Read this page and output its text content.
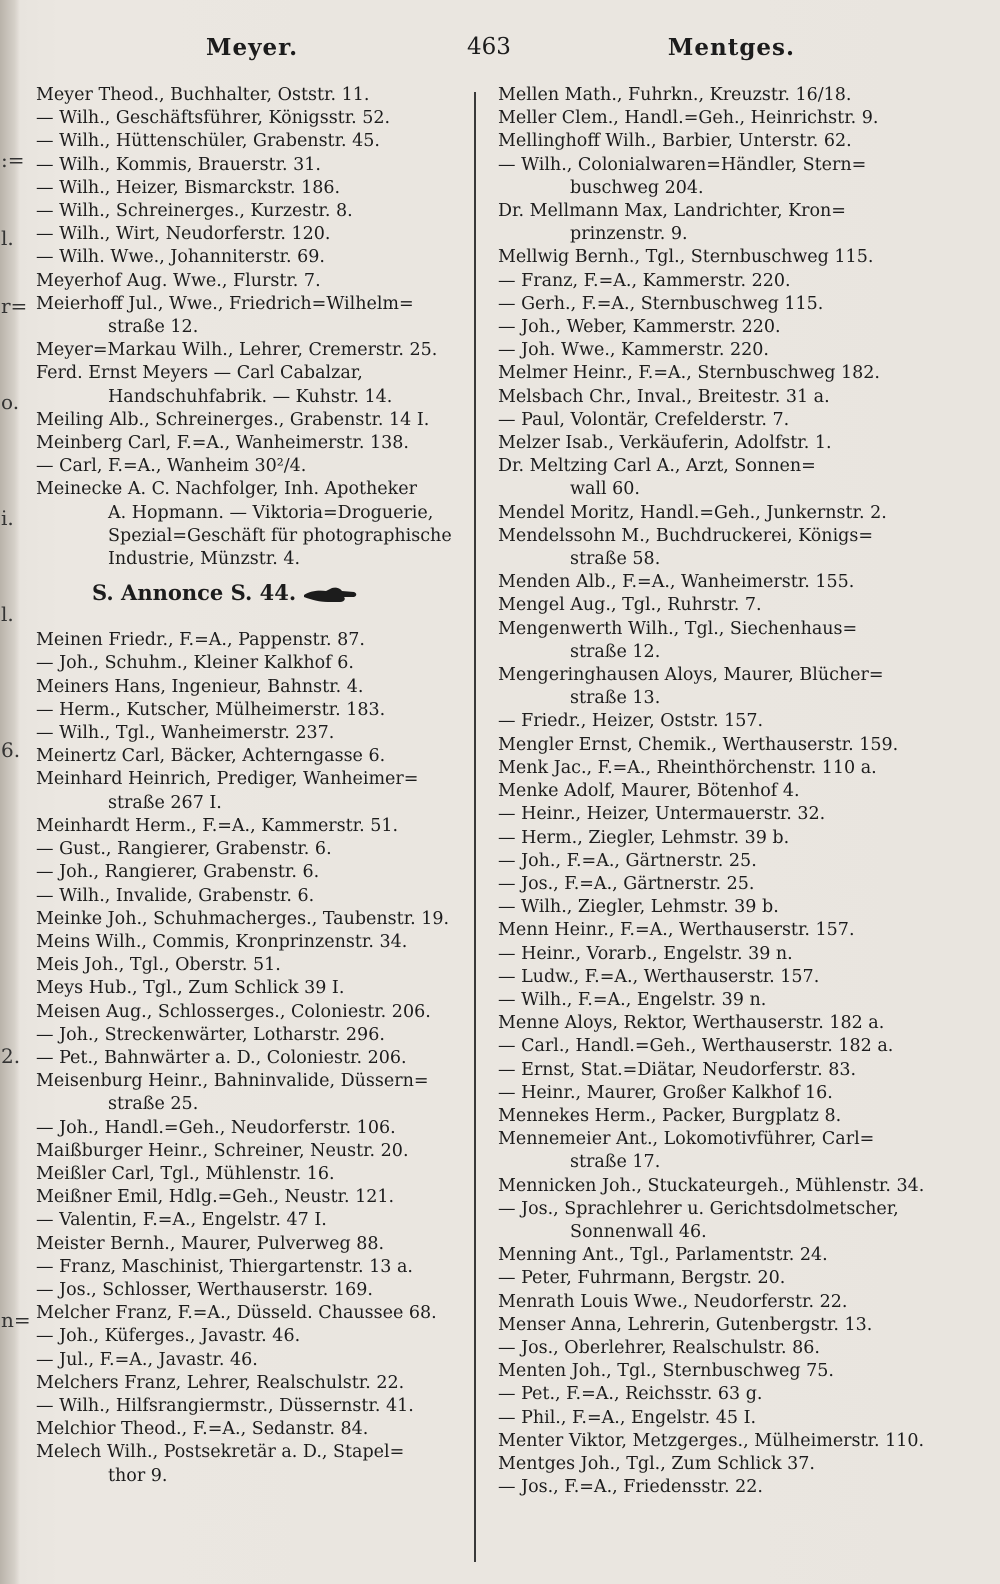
:=
l.
r=
o.
i.
l.
6.
2.
n=
Meyer.	463	Mentges.
Meyer Theod., Buchhalter, Oststr. 11.
— Wilh., Geschäftsführer, Königsstr. 52.
— Wilh., Hüttenschüler, Grabenstr. 45.
— Wilh., Kommis, Brauerstr. 31.
— Wilh., Heizer, Bismarckstr. 186.
— Wilh., Schreinerges., Kurzestr. 8.
— Wilh., Wirt, Neudorferstr. 120.
— Wilh. Wwe., Johanniterstr. 69.
Meyerhof Aug. Wwe., Flurstr. 7.
Meierhoff Jul., Wwe., Friedrich=Wilhelm=
straße 12.
Meyer=Markau Wilh., Lehrer, Cremerstr. 25.
Ferd. Ernst Meyers — Carl Cabalzar,
Handschuhfabrik. — Kuhstr. 14.
Meiling Alb., Schreinerges., Grabenstr. 14 I.
Meinberg Carl, F.=A., Wanheimerstr. 138.
— Carl, F.=A., Wanheim 30²/4.
Meinecke A. C. Nachfolger, Inh. Apotheker
A. Hopmann. — Viktoria=Droguerie,
Spezial=Geschäft für photographische
Industrie, Münzstr. 4.
S. Annonce S. 44.
Meinen Friedr., F.=A., Pappenstr. 87.
— Joh., Schuhm., Kleiner Kalkhof 6.
Meiners Hans, Ingenieur, Bahnstr. 4.
— Herm., Kutscher, Mülheimerstr. 183.
— Wilh., Tgl., Wanheimerstr. 237.
Meinertz Carl, Bäcker, Achterngasse 6.
Meinhard Heinrich, Prediger, Wanheimer=
straße 267 I.
Meinhardt Herm., F.=A., Kammerstr. 51.
— Gust., Rangierer, Grabenstr. 6.
— Joh., Rangierer, Grabenstr. 6.
— Wilh., Invalide, Grabenstr. 6.
Meinke Joh., Schuhmacherges., Taubenstr. 19.
Meins Wilh., Commis, Kronprinzenstr. 34.
Meis Joh., Tgl., Oberstr. 51.
Meys Hub., Tgl., Zum Schlick 39 I.
Meisen Aug., Schlosserges., Coloniestr. 206.
— Joh., Streckenwärter, Lotharstr. 296.
— Pet., Bahnwärter a. D., Coloniestr. 206.
Meisenburg Heinr., Bahninvalide, Düssern=
straße 25.
— Joh., Handl.=Geh., Neudorferstr. 106.
Maißburger Heinr., Schreiner, Neustr. 20.
Meißler Carl, Tgl., Mühlenstr. 16.
Meißner Emil, Hdlg.=Geh., Neustr. 121.
— Valentin, F.=A., Engelstr. 47 I.
Meister Bernh., Maurer, Pulverweg 88.
— Franz, Maschinist, Thiergartenstr. 13 a.
— Jos., Schlosser, Werthauserstr. 169.
Melcher Franz, F.=A., Düsseld. Chaussee 68.
— Joh., Küferges., Javastr. 46.
— Jul., F.=A., Javastr. 46.
Melchers Franz, Lehrer, Realschulstr. 22.
— Wilh., Hilfsrangiermstr., Düssernstr. 41.
Melchior Theod., F.=A., Sedanstr. 84.
Melech Wilh., Postsekretär a. D., Stapel=
thor 9.
Mellen Math., Fuhrkn., Kreuzstr. 16/18.
Meller Clem., Handl.=Geh., Heinrichstr. 9.
Mellinghoff Wilh., Barbier, Unterstr. 62.
— Wilh., Colonialwaren=Händler, Stern=
buschweg 204.
Dr. Mellmann Max, Landrichter, Kron=
prinzenstr. 9.
Mellwig Bernh., Tgl., Sternbuschweg 115.
— Franz, F.=A., Kammerstr. 220.
— Gerh., F.=A., Sternbuschweg 115.
— Joh., Weber, Kammerstr. 220.
— Joh. Wwe., Kammerstr. 220.
Melmer Heinr., F.=A., Sternbuschweg 182.
Melsbach Chr., Inval., Breitestr. 31 a.
— Paul, Volontär, Crefelderstr. 7.
Melzer Isab., Verkäuferin, Adolfstr. 1.
Dr. Meltzing Carl A., Arzt, Sonnen=
wall 60.
Mendel Moritz, Handl.=Geh., Junkernstr. 2.
Mendelssohn M., Buchdruckerei, Königs=
straße 58.
Menden Alb., F.=A., Wanheimerstr. 155.
Mengel Aug., Tgl., Ruhrstr. 7.
Mengenwerth Wilh., Tgl., Siechenhaus=
straße 12.
Mengeringhausen Aloys, Maurer, Blücher=
straße 13.
— Friedr., Heizer, Oststr. 157.
Mengler Ernst, Chemik., Werthauserstr. 159.
Menk Jac., F.=A., Rheinthörchenstr. 110 a.
Menke Adolf, Maurer, Bötenhof 4.
— Heinr., Heizer, Untermauerstr. 32.
— Herm., Ziegler, Lehmstr. 39 b.
— Joh., F.=A., Gärtnerstr. 25.
— Jos., F.=A., Gärtnerstr. 25.
— Wilh., Ziegler, Lehmstr. 39 b.
Menn Heinr., F.=A., Werthauserstr. 157.
— Heinr., Vorarb., Engelstr. 39 n.
— Ludw., F.=A., Werthauserstr. 157.
— Wilh., F.=A., Engelstr. 39 n.
Menne Aloys, Rektor, Werthauserstr. 182 a.
— Carl., Handl.=Geh., Werthauserstr. 182 a.
— Ernst, Stat.=Diätar, Neudorferstr. 83.
— Heinr., Maurer, Großer Kalkhof 16.
Mennekes Herm., Packer, Burgplatz 8.
Mennemeier Ant., Lokomotivführer, Carl=
straße 17.
Mennicken Joh., Stuckateurgeh., Mühlenstr. 34.
— Jos., Sprachlehrer u. Gerichtsdolmetscher,
Sonnenwall 46.
Menning Ant., Tgl., Parlamentstr. 24.
— Peter, Fuhrmann, Bergstr. 20.
Menrath Louis Wwe., Neudorferstr. 22.
Menser Anna, Lehrerin, Gutenbergstr. 13.
— Jos., Oberlehrer, Realschulstr. 86.
Menten Joh., Tgl., Sternbuschweg 75.
— Pet., F.=A., Reichsstr. 63 g.
— Phil., F.=A., Engelstr. 45 I.
Menter Viktor, Metzgerges., Mülheimerstr. 110.
Mentges Joh., Tgl., Zum Schlick 37.
— Jos., F.=A., Friedensstr. 22.
